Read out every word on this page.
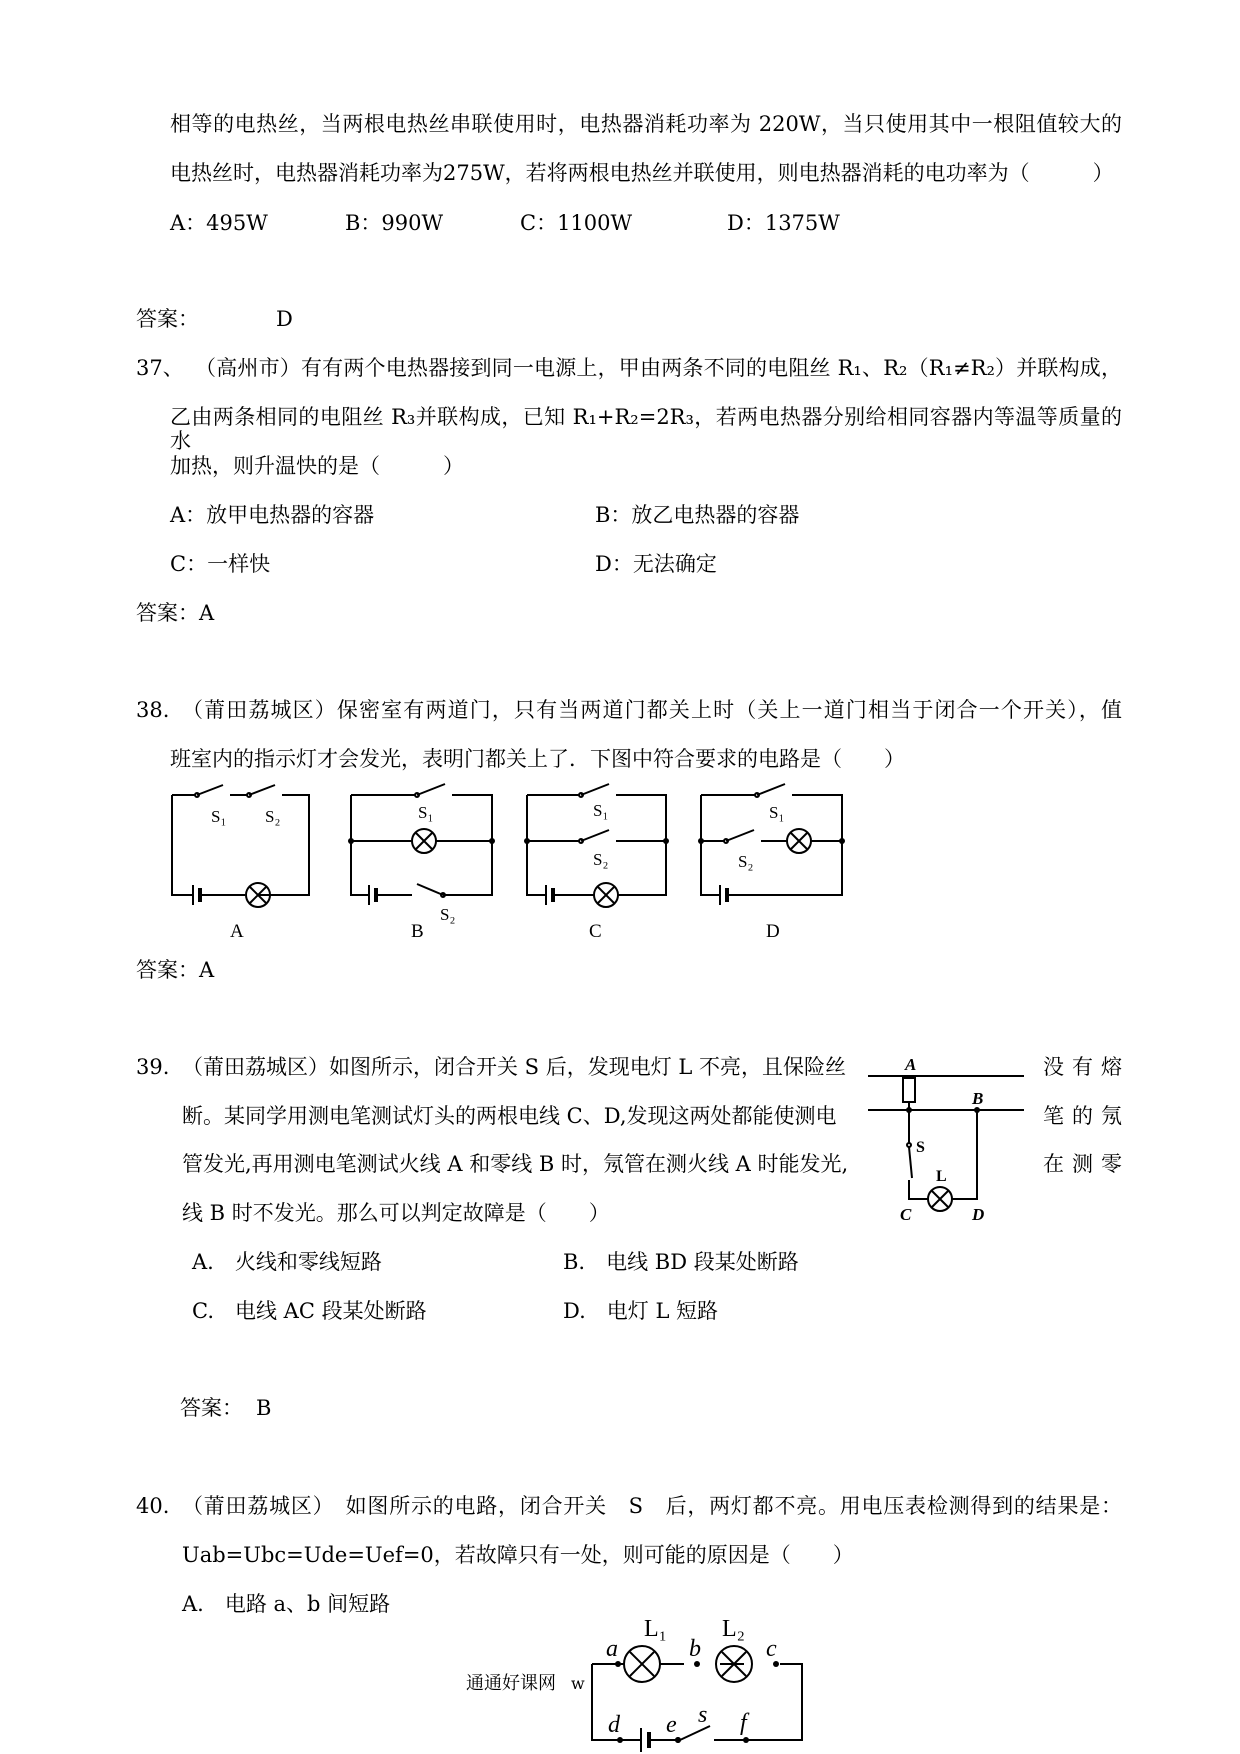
相等的电热丝，当两根电热丝串联使用时，电热器消耗功率为 220W，当只使用其中一根阻值较大的
电热丝时，电热器消耗功率为275W，若将两根电热丝并联使用，则电热器消耗的电功率为（　　　）
A：495W	B：990W	C：1100W	D：1375W
答案：	D
37、 （高州市）有有两个电热器接到同一电源上，甲由两条不同的电阻丝 R₁、R₂（R₁≠R₂）并联构成，
乙由两条相同的电阻丝 R₃并联构成，已知 R₁+R₂=2R₃，若两电热器分别给相同容器内等温等质量的水
加热，则升温快的是（　　　）
A：放甲电热器的容器	B：放乙电热器的容器
C：一样快	D：无法确定
答案：A
38. （莆田荔城区）保密室有两道门，只有当两道门都关上时（关上一道门相当于闭合一个开关），值
班室内的指示灯才会发光，表明门都关上了．下图中符合要求的电路是（　　）
S₁ S₂
A
S₁
S₂
B
S₁
S₂
C
S₁
S₂
D
答案：A
39. （莆田荔城区）如图所示，闭合开关 S 后，发现电灯 L 不亮，且保险丝	没有熔
断。某同学用测电笔测试灯头的两根电线 C、D,发现这两处都能使测电	笔的氖
管发光,再用测电笔测试火线 A 和零线 B 时，氖管在测火线 A 时能发光,	在测零
线 B 时不发光。那么可以判定故障是（　　）
A
B
S
L
C	D
A.　火线和零线短路	B.　电线 BD 段某处断路
C.　电线 AC 段某处断路	D.　电灯 L 短路
答案： B
40. （莆田荔城区）　如图所示的电路，闭合开关　S　后，两灯都不亮。用电压表检测得到的结果是：
Uab=Ubc=Ude=Uef=0，若故障只有一处，则可能的原因是（　　）
A.　电路 a、b 间短路
a
L₁
b
L₂
c
d e s f
通通好课网 w
